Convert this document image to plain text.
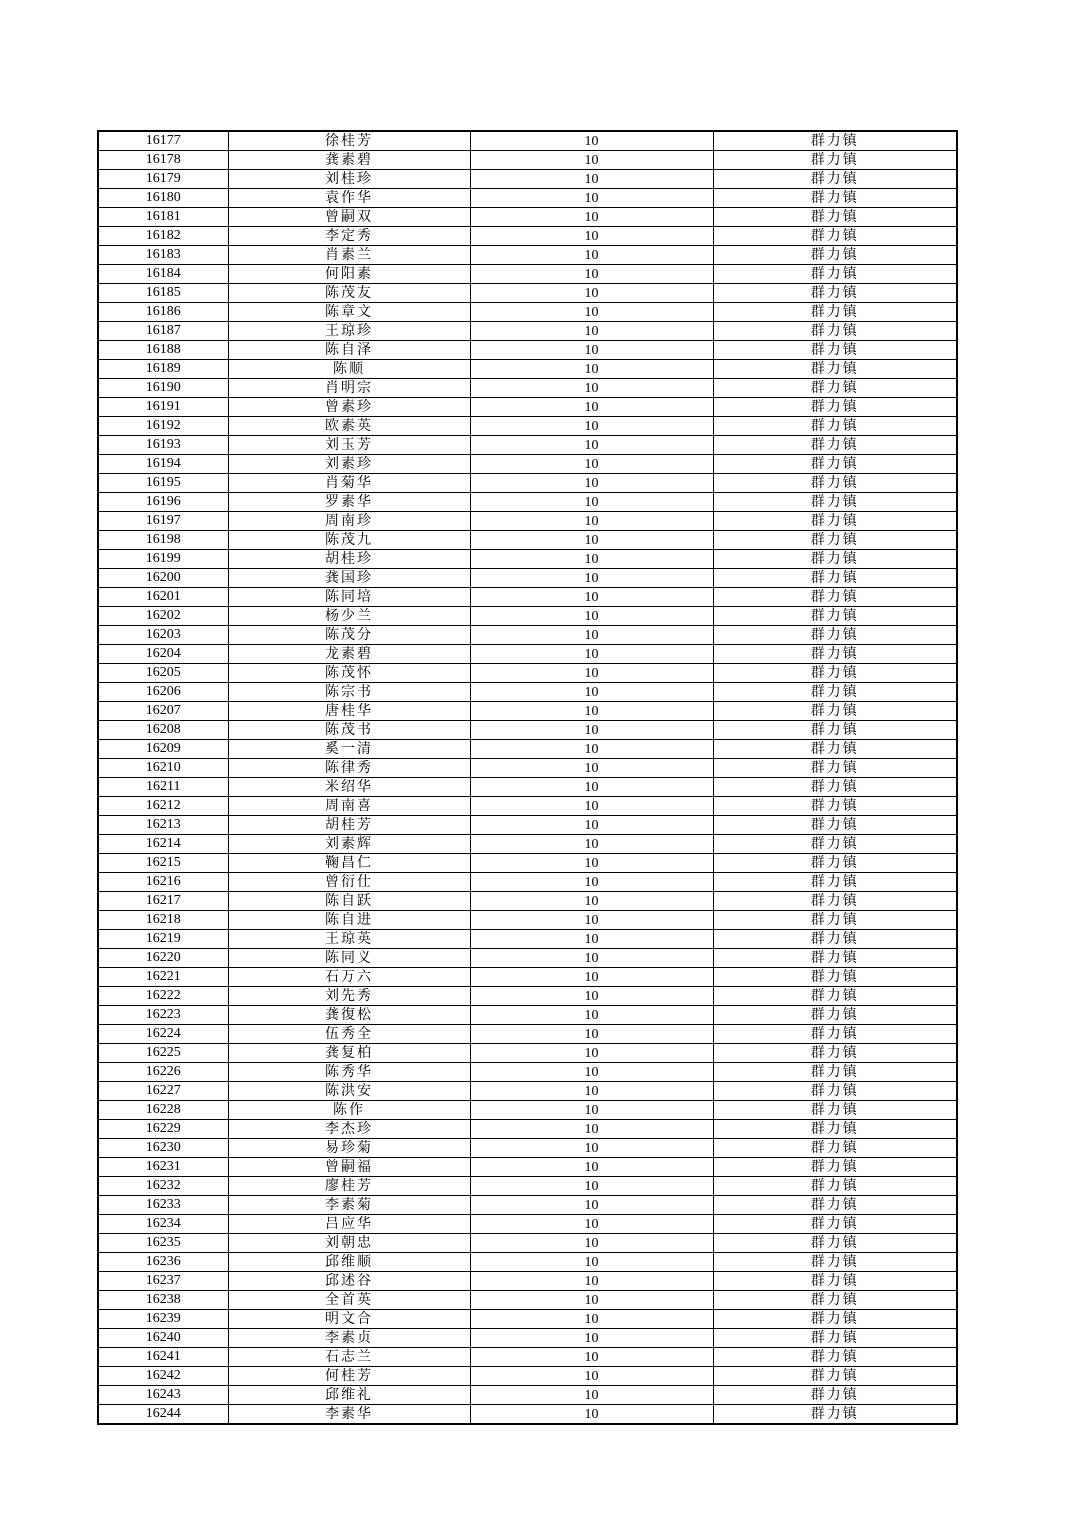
16177	徐桂芳	10	群力镇
16178	龚素碧	10	群力镇
16179	刘桂珍	10	群力镇
16180	袁作华	10	群力镇
16181	曾嗣双	10	群力镇
16182	李定秀	10	群力镇
16183	肖素兰	10	群力镇
16184	何阳素	10	群力镇
16185	陈茂友	10	群力镇
16186	陈章文	10	群力镇
16187	王琼珍	10	群力镇
16188	陈自泽	10	群力镇
16189	陈顺	10	群力镇
16190	肖明宗	10	群力镇
16191	曾素珍	10	群力镇
16192	欧素英	10	群力镇
16193	刘玉芳	10	群力镇
16194	刘素珍	10	群力镇
16195	肖菊华	10	群力镇
16196	罗素华	10	群力镇
16197	周南珍	10	群力镇
16198	陈茂九	10	群力镇
16199	胡桂珍	10	群力镇
16200	龚国珍	10	群力镇
16201	陈同培	10	群力镇
16202	杨少兰	10	群力镇
16203	陈茂分	10	群力镇
16204	龙素碧	10	群力镇
16205	陈茂怀	10	群力镇
16206	陈宗书	10	群力镇
16207	唐桂华	10	群力镇
16208	陈茂书	10	群力镇
16209	奚一清	10	群力镇
16210	陈律秀	10	群力镇
16211	米绍华	10	群力镇
16212	周南喜	10	群力镇
16213	胡桂芳	10	群力镇
16214	刘素辉	10	群力镇
16215	鞠昌仁	10	群力镇
16216	曾衍仕	10	群力镇
16217	陈自跃	10	群力镇
16218	陈自进	10	群力镇
16219	王琼英	10	群力镇
16220	陈同义	10	群力镇
16221	石万六	10	群力镇
16222	刘先秀	10	群力镇
16223	龚復松	10	群力镇
16224	伍秀全	10	群力镇
16225	龚复柏	10	群力镇
16226	陈秀华	10	群力镇
16227	陈洪安	10	群力镇
16228	陈作	10	群力镇
16229	李杰珍	10	群力镇
16230	易珍菊	10	群力镇
16231	曾嗣福	10	群力镇
16232	廖桂芳	10	群力镇
16233	李素菊	10	群力镇
16234	吕应华	10	群力镇
16235	刘朝忠	10	群力镇
16236	邱维顺	10	群力镇
16237	邱述谷	10	群力镇
16238	全首英	10	群力镇
16239	明文合	10	群力镇
16240	李素贞	10	群力镇
16241	石志兰	10	群力镇
16242	何桂芳	10	群力镇
16243	邱维礼	10	群力镇
16244	李素华	10	群力镇
